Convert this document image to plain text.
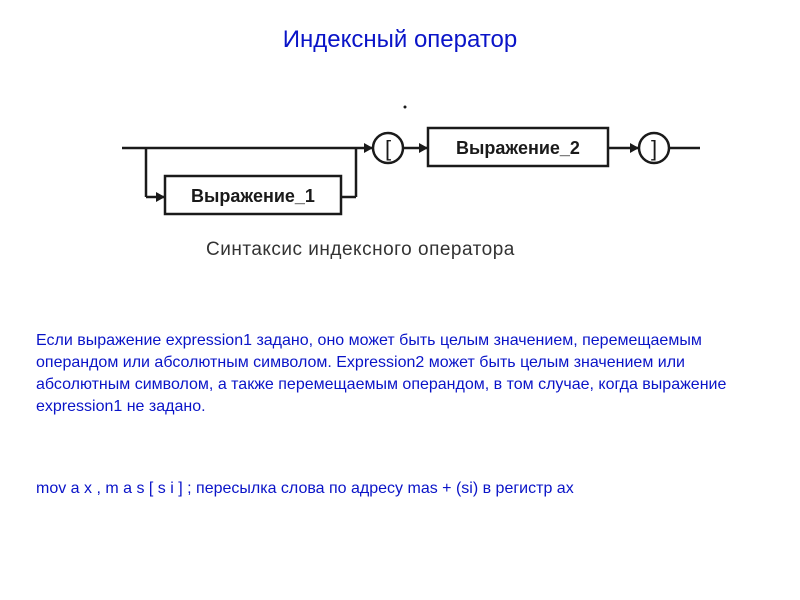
Индексный оператор
Выражение_1
Выражение_2
[	]
Синтаксис индексного оператора

Если выражение expression1 задано, оно может быть целым значением, перемещаемым операндом или абсолютным символом. Expression2 может быть целым значением или абсолютным символом, а также перемещаемым операндом, в том случае, когда выражение expression1 не задано.

mov a x , m a s [ s i ] ; пересылка слова по адресу mas + (si) в регистр ax
